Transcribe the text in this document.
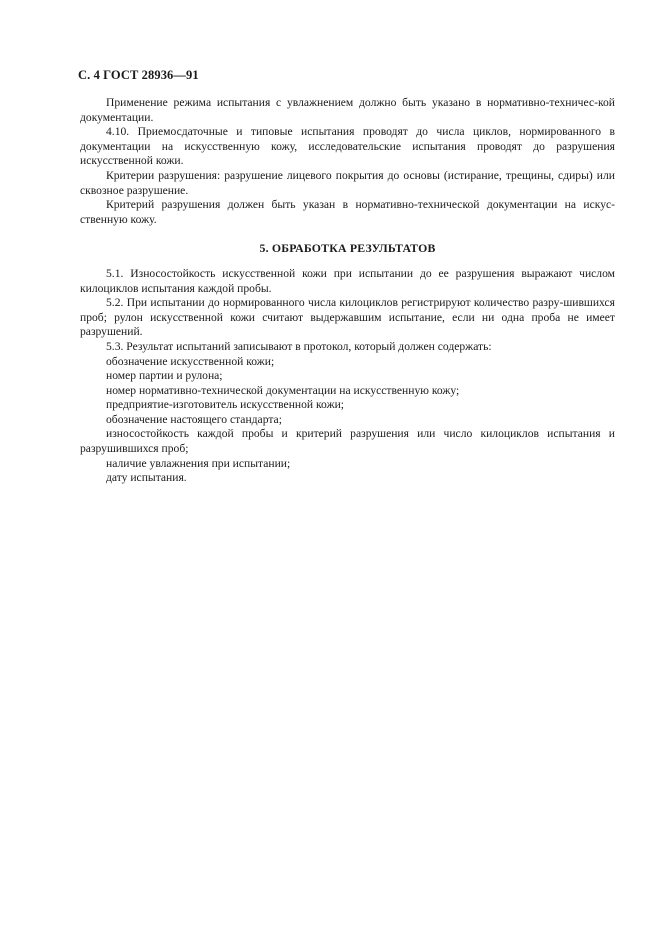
С. 4 ГОСТ 28936—91

Применение режима испытания с увлажнением должно быть указано в нормативно-техничес-кой документации.

4.10. Приемосдаточные и типовые испытания проводят до числа циклов, нормированного в документации на искусственную кожу, исследовательские испытания проводят до разрушения искусственной кожи.

Критерии разрушения: разрушение лицевого покрытия до основы (истирание, трещины, сдиры) или сквозное разрушение.

Критерий разрушения должен быть указан в нормативно-технической документации на искус-ственную кожу.

5. ОБРАБОТКА РЕЗУЛЬТАТОВ

5.1. Износостойкость искусственной кожи при испытании до ее разрушения выражают числом килоциклов испытания каждой пробы.

5.2. При испытании до нормированного числа килоциклов регистрируют количество разру-шившихся проб; рулон искусственной кожи считают выдержавшим испытание, если ни одна проба не имеет разрушений.

5.3. Результат испытаний записывают в протокол, который должен содержать:

обозначение искусственной кожи;

номер партии и рулона;

номер нормативно-технической документации на искусственную кожу;

предприятие-изготовитель искусственной кожи;

обозначение настоящего стандарта;

износостойкость каждой пробы и критерий разрушения или число килоциклов испытания и разрушившихся проб;

наличие увлажнения при испытании;

дату испытания.
